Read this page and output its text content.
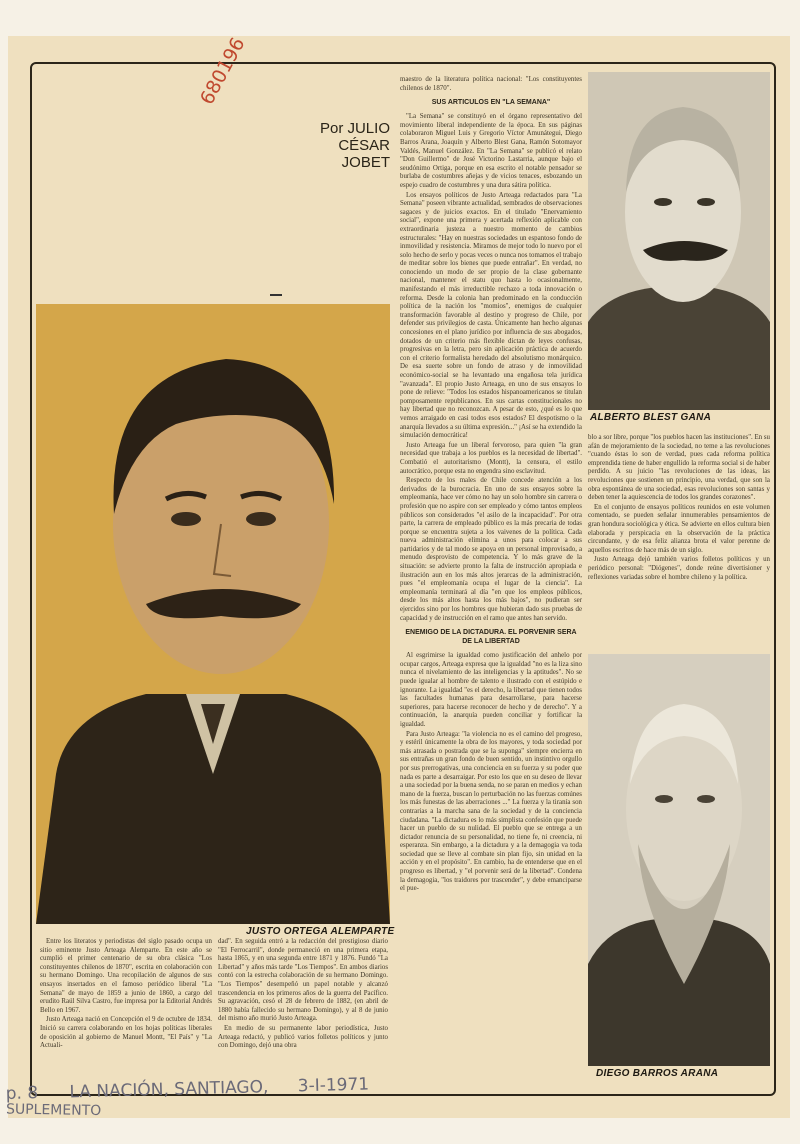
680196
Por JULIO
CÉSAR
JOBET
JUSTO ORTEGA ALEMPARTE
ALBERTO BLEST GANA
DIEGO BARROS ARANA

maestro de la literatura política nacional: "Los constituyentes chilenos de 1870".

SUS ARTICULOS EN "LA SEMANA"

"La Semana" se constituyó en el órgano representativo del movimiento liberal independiente de la época. En sus páginas colaboraron Miguel Luis y Gregorio Víctor Amunátegui, Diego Barros Arana, Joaquín y Alberto Blest Gana, Ramón Sotomayor Valdés, Manuel González. En "La Semana" se publicó el relato "Don Guillermo" de José Victorino Lastarria, aunque bajo el seudónimo Ortiga, porque en esa escrito el notable pensador se burlaba de costumbres añejas y de vicios tenaces, esbozando un espejo cuadro de costumbres y una dura sátira política.

Los ensayos políticos de Justo Arteaga redactados para "La Semana" poseen vibrante actualidad, sembrados de observaciones sagaces y de juicios exactos. En el titulado "Enervamiento social", expone una primera y acertada reflexión aplicable con extraordinaria justeza a nuestro momento de cambios estructurales: "Hay en nuestras sociedades un espantoso fondo de inmovilidad y resistencia. Miramos de mejor todo lo nuevo por el solo hecho de serlo y pocas veces o nunca nos tomamos el trabajo de meditar sobre los bienes que puede entrañar". En verdad, no conociendo un modo de ser propio de la clase gobernante nacional, mantener el statu quo hasta lo ocasionalmente, manifestando el más irreductible rechazo a toda innovación o reforma. Desde la colonia han predominado en la conducción política de la nación los "momios", enemigos de cualquier transformación favorable al destino y progreso de Chile, por defender sus privilegios de casta. Únicamente han hecho algunas concesiones en el plano jurídico por influencia de sus abogados, dotados de un criterio más flexible dictan de leyes confusas, progresivas en la letra, pero sin aplicación práctica de acuerdo con el criterio formalista heredado del absolutismo monárquico. De esa suerte sobre un fondo de atraso y de inmovilidad económico-social se ha levantado una engañosa tela jurídica "avanzada". El propio Justo Arteaga, en uno de sus ensayos lo pone de relieve: "Todos los estados hispanoamericanos se titulan pomposamente republicanos. En sus cartas constitucionales no hay libertad que no reconozcan. A pesar de esto, ¿qué es lo que vemos arraigado en casi todos esos estados? El despotismo o la anarquía llevados a su última expresión..." ¡Así se ha extendido la simulación democrática!

Justo Arteaga fue un liberal fervoroso, para quien "la gran necesidad que trabaja a los pueblos es la necesidad de libertad". Combatió el autoritarismo (Montt), la censura, el estilo autocrático, porque esta no engendra sino esclavitud.

Respecto de los males de Chile concede atención a los derivados de la burocracia. En uno de sus ensayos sobre la empleomanía, hace ver cómo no hay un solo hombre sin carrera o profesión que no aspire con ser empleado y cómo tantos empleos públicos son considerados "el asilo de la incapacidad". Por otra parte, la carrera de empleado público es la más precaria de todas porque se encuentra sujeta a los vaivenes de la política. Cada nueva administración elimina a unos para colocar a sus partidarios y de tal modo se apoya en un personal improvisado, a menudo desprovisto de competencia. Y lo más grave de la situación: se advierte pronto la falta de instrucción apropiada e ilustración aun en los más altos jerarcas de la administración, pues "el empleomanía ocupa el lugar de la ciencia". La empleomanía terminará al día "en que los empleos públicos, desde los más altos hasta los más bajos", no pudieran ser ejercidos sino por los hombres que hubieran dado sus pruebas de capacidad y de instrucción en el ramo que antes han servido.

ENEMIGO DE LA DICTADURA. EL PORVENIR SERA DE LA LIBERTAD

Al esgrimirse la igualdad como justificación del anhelo por ocupar cargos, Arteaga expresa que la igualdad "no es la liza sino nunca el nivelamiento de las inteligencias y la aptitudes". No se puede igualar al hombre de talento e ilustrado con el estúpido e ignorante. La igualdad "es el derecho, la libertad que tienen todos las facultades humanas para desarrollarse, para hacerse superiores, para hacerse reconocer de hecho y de derecho". Y a continuación, la anarquía pueden conciliar y fortificar la igualdad.

Para Justo Arteaga: "la violencia no es el camino del progreso, y estéril únicamente la obra de los mayores, y toda sociedad por más atrasada o postrada que se la suponga" siempre encierra en sus entrañas un gran fondo de buen sentido, un instintivo orgullo por sus prerrogativas, una conciencia en su fuerza y su poder que nada es parte a desarraigar. Por esto los que en su deseo de llevar a una sociedad por la buena senda, no se paran en medios y echan mano de la fuerza, buscan lo perturbación no las fuerzas comúnes los más funestas de las aberraciones ..." La fuerza y la tiranía son contrarias a la marcha sana de la sociedad y de la conciencia ciudadana. "La dictadura es lo más simplista confesión que puede hacer un pueblo de su nulidad. El pueblo que se entrega a un dictador renuncia de su personalidad, no tiene fe, ni creencia, ni esperanza. Sin embargo, a la dictadura y a la demagogia va toda sociedad que se lleve al combate sin plan fijo, sin unidad en la acción y en el propósito". En cambio, ha de entenderse que en el progreso es libertad, y "el porvenir será de la libertad". Condena la demagogia, "los traidores por trascender", y debe emanciparse el pue-

blo a sor libre, porque "los pueblos hacen las instituciones". En su afán de mejoramiento de la sociedad, no teme a las revoluciones "cuando éstas lo son de verdad, pues cada reforma política emprendida tiene de haber engullido la reforma social si de haber perdido. A su juicio "las revoluciones de las ideas, las revoluciones que sostienen un principio, una verdad, que son la obra espontánea de una sociedad, esas revoluciones son santas y deben tener la aquiescencia de todos los grandes corazones".

En el conjunto de ensayos políticos reunidos en este volumen comentado, se pueden señalar innumerables pensamientos de gran hondura sociológica y ética. Se advierte en ellos cultura bien elaborada y perspicacia en la observación de la práctica circundante, y de esa feliz alianza brota el valor perenne de aquellos escritos de hace más de un siglo.

Justo Arteaga dejó también varios folletos políticos y un periódico personal: "Diógenes", donde reúne divertisioner y reflexiones variadas sobre el hombre chileno y la política.

Entre los literatos y periodistas del siglo pasado ocupa un sitio eminente Justo Arteaga Alemparte. En este año se cumplió el primer centenario de su obra clásica "Los constituyentes chilenos de 1870", escrita en colaboración con su hermano Domingo. Una recopilación de algunos de sus ensayos insertados en el famoso periódico liberal "La Semana" de mayo de 1859 a junio de 1860, a cargo del erudito Raúl Silva Castro, fue impresa por la Editorial Andrés Bello en 1967.

Justo Arteaga nació en Concepción el 9 de octubre de 1834. Inició su carrera colaborando en los hojas políticas liberales de oposición al gobierno de Manuel Montt, "El País" y "La Actuali-

dad". En seguida entró a la redacción del prestigioso diario "El Ferrocarril", donde permaneció en una primera etapa, hasta 1865, y en una segunda entre 1871 y 1876. Fundó "La Libertad" y años más tarde "Los Tiempos". En ambos diarios contó con la estrecha colaboración de su hermano Domingo. "Los Tiempos" desempeñó un papel notable y alcanzó trascendencia en los primeros años de la guerra del Pacífico. Su agravación, cesó el 28 de febrero de 1882, (en abril de 1880 había fallecido su hermano Domingo), y al 8 de junio del mismo año murió Justo Arteaga.

En medio de su permanente labor periodística, Justo Arteaga redactó, y publicó varios folletos políticos y junto con Domingo, dejó una obra

p. 8 LA NACIÓN, SANTIAGO, 3-I-1971
SUPLEMENTO
